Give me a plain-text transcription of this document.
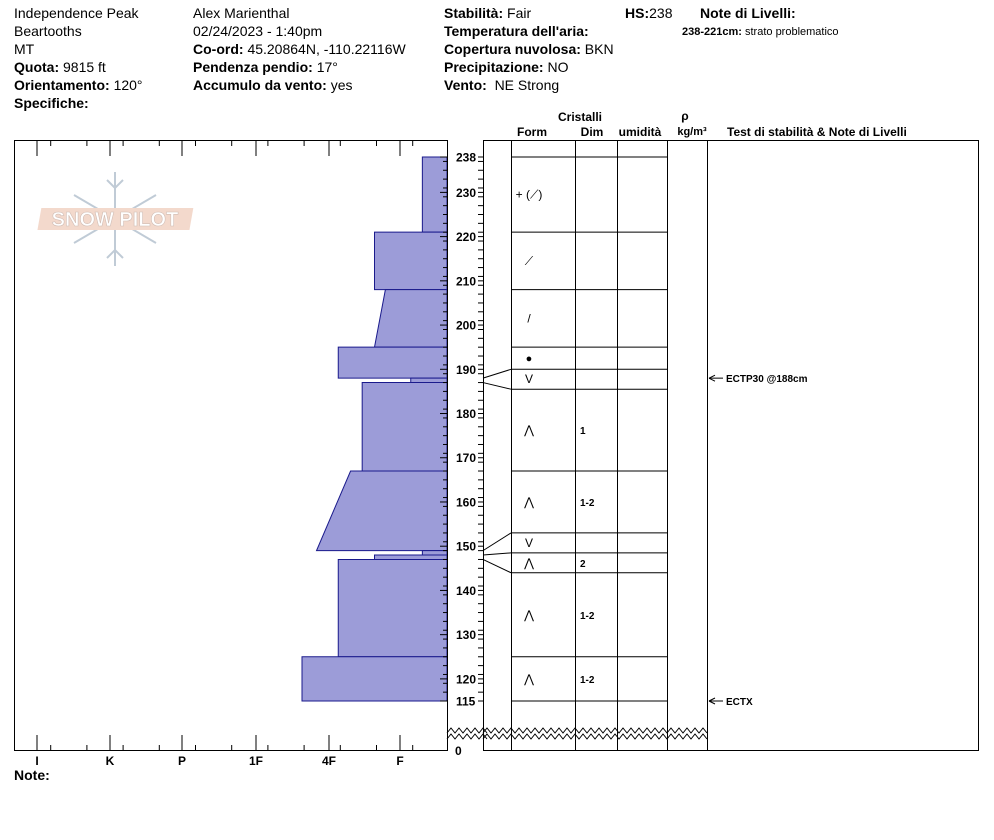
Independence Peak
Beartooths
MT
Quota: 9815 ft
Orientamento: 120°
Specifiche:
Alex Marienthal
02/24/2023 - 1:40pm
Co-ord: 45.20864N, -110.22116W
Pendenza pendio: 17°
Accumulo da vento: yes
Stabilità: Fair
Temperatura dell'aria:
Copertura nuvolosa: BKN
Precipitazione: NO
Vento: NE Strong
HS:238 Note di Livelli:
238-221cm: strato problematico
SNOW PILOT
I	K	P	1F	4F	F
115
120
130
140
150
160
170
180
190
200
210
220
230
238
0
Cristalli
Form	Dim umidità
ρ
kg/m³ Test di stabilità & Note di Livelli
+ (⟋)
⟋
/
●
V
⋀	1
⋀	1-2
V
⋀	2
⋀	1-2
⋀	1-2
ECTP30 @188cm
ECTX
Note:
